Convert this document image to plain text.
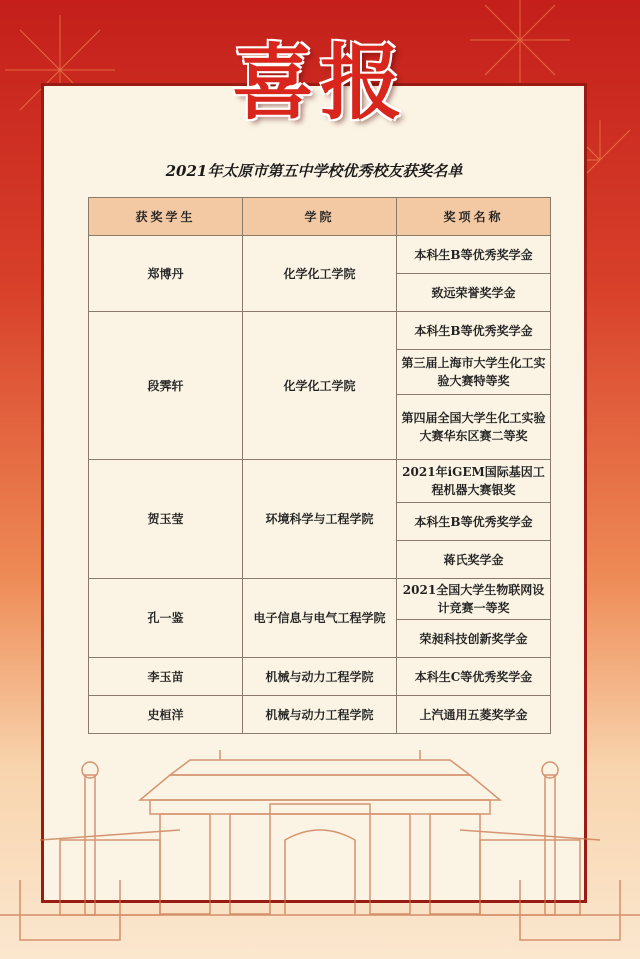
喜报
2021年太原市第五中学校优秀校友获奖名单
获奖学生	学院	奖项名称
郑博丹	化学化工学院	本科生B等优秀奖学金
		致远荣誉奖学金
段霁轩	化学化工学院	本科生B等优秀奖学金
		第三届上海市大学生化工实验大赛特等奖
		第四届全国大学生化工实验大赛华东区赛二等奖
贺玉莹	环境科学与工程学院	2021年iGEM国际基因工程机器大赛银奖
		本科生B等优秀奖学金
		蒋氏奖学金
孔一鉴	电子信息与电气工程学院	2021全国大学生物联网设计竞赛一等奖
		荣昶科技创新奖学金
李玉苗	机械与动力工程学院	本科生C等优秀奖学金
史桓洋	机械与动力工程学院	上汽通用五菱奖学金
